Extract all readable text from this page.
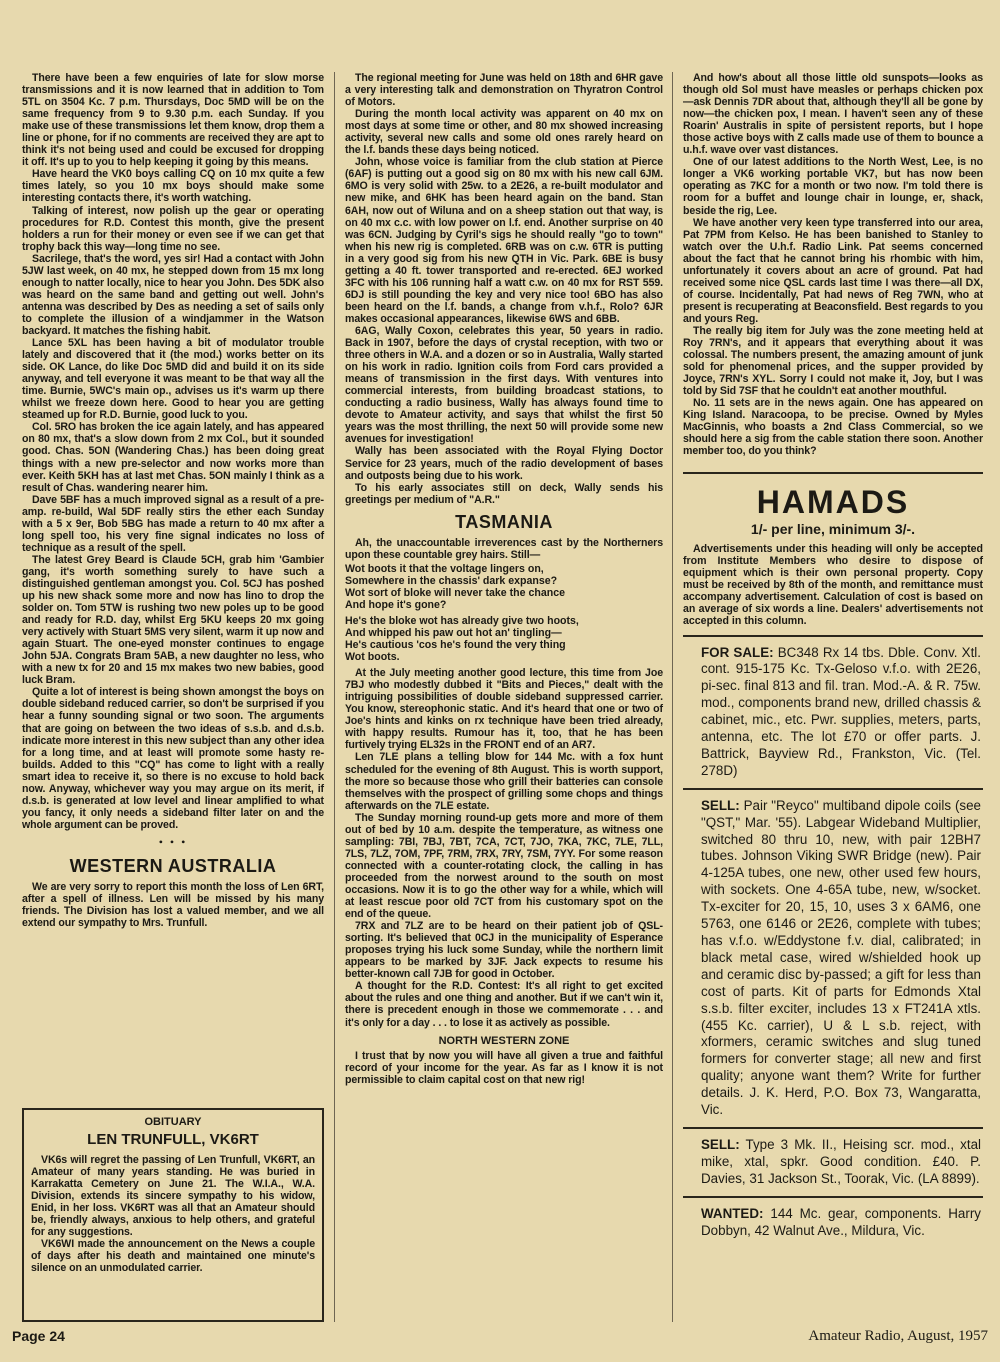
There have been a few enquiries of late for slow morse transmissions and it is now learned that in addition to Tom 5TL on 3504 Kc. 7 p.m. Thursdays, Doc 5MD will be on the same frequency from 9 to 9.30 p.m. each Sunday. If you make use of these transmissions let them know, drop them a line or phone, for if no comments are received they are apt to think it's not being used and could be excused for dropping it off. It's up to you to help keeping it going by this means.

Have heard the VK0 boys calling CQ on 10 mx quite a few times lately, so you 10 mx boys should make some interesting contacts there, it's worth watching.

Talking of interest, now polish up the gear or operating procedures for R.D. Contest this month, give the present holders a run for their money or even see if we can get that trophy back this way—long time no see.

Sacrilege, that's the word, yes sir! Had a contact with John 5JW last week, on 40 mx, he stepped down from 15 mx long enough to natter locally, nice to hear you John. Des 5DK also was heard on the same band and getting out well. John's antenna was described by Des as needing a set of sails only to complete the illusion of a windjammer in the Watson backyard. It matches the fishing habit.

Lance 5XL has been having a bit of modulator trouble lately and discovered that it (the mod.) works better on its side. OK Lance, do like Doc 5MD did and build it on its side anyway, and tell everyone it was meant to be that way all the time. Burnie, 5WC's main op., advises us it's warm up there whilst we freeze down here. Good to hear you are getting steamed up for R.D. Burnie, good luck to you.

Col. 5RO has broken the ice again lately, and has appeared on 80 mx, that's a slow down from 2 mx Col., but it sounded good. Chas. 5ON (Wandering Chas.) has been doing great things with a new pre-selector and now works more than ever. Keith 5KH has at last met Chas. 5ON mainly I think as a result of Chas. wandering nearer him.

Dave 5BF has a much improved signal as a result of a pre-amp. re-build, Wal 5DF really stirs the ether each Sunday with a 5 x 9er, Bob 5BG has made a return to 40 mx after a long spell too, his very fine signal indicates no loss of technique as a result of the spell.

The latest Grey Beard is Claude 5CH, grab him 'Gambier gang, it's worth something surely to have such a distinguished gentleman amongst you. Col. 5CJ has poshed up his new shack some more and now has lino to drop the solder on. Tom 5TW is rushing two new poles up to be good and ready for R.D. day, whilst Erg 5KU keeps 20 mx going very actively with Stuart 5MS very silent, warm it up now and again Stuart. The one-eyed monster continues to engage John 5JA. Congrats Bram 5AB, a new daughter no less, who with a new tx for 20 and 15 mx makes two new babies, good luck Bram.

Quite a lot of interest is being shown amongst the boys on double sideband reduced carrier, so don't be surprised if you hear a funny sounding signal or two soon. The arguments that are going on between the two ideas of s.s.b. and d.s.b. indicate more interest in this new subject than any other idea for a long time, and at least will promote some hasty re-builds. Added to this "CQ" has come to light with a really smart idea to receive it, so there is no excuse to hold back now. Anyway, whichever way you may argue on its merit, if d.s.b. is generated at low level and linear amplified to what you fancy, it only needs a sideband filter later on and the whole argument can be proved.

• • •
WESTERN AUSTRALIA

We are very sorry to report this month the loss of Len 6RT, after a spell of illness. Len will be missed by his many friends. The Division has lost a valued member, and we all extend our sympathy to Mrs. Trunfull.

OBITUARY
LEN TRUNFULL, VK6RT

VK6s will regret the passing of Len Trunfull, VK6RT, an Amateur of many years standing. He was buried in Karrakatta Cemetery on June 21. The W.I.A., W.A. Division, extends its sincere sympathy to his widow, Enid, in her loss. VK6RT was all that an Amateur should be, friendly always, anxious to help others, and grateful for any suggestions.

VK6WI made the announcement on the News a couple of days after his death and maintained one minute's silence on an unmodulated carrier.

The regional meeting for June was held on 18th and 6HR gave a very interesting talk and demonstration on Thyratron Control of Motors.

During the month local activity was apparent on 40 mx on most days at some time or other, and 80 mx showed increasing activity, several new calls and some old ones rarely heard on the l.f. bands these days being noticed.

John, whose voice is familiar from the club station at Pierce (6AF) is putting out a good sig on 80 mx with his new call 6JM. 6MO is very solid with 25w. to a 2E26, a re-built modulator and new mike, and 6HK has been heard again on the band. Stan 6AH, now out of Wiluna and on a sheep station out that way, is on 40 mx c.c. with low power on l.f. end. Another surprise on 40 was 6CN. Judging by Cyril's sigs he should really "go to town" when his new rig is completed. 6RB was on c.w. 6TR is putting in a very good sig from his new QTH in Vic. Park. 6BE is busy getting a 40 ft. tower transported and re-erected. 6EJ worked 3FC with his 106 running half a watt c.w. on 40 mx for RST 559. 6DJ is still pounding the key and very nice too! 6BO has also been heard on the l.f. bands, a change from v.h.f., Rolo? 6JR makes occasional appearances, likewise 6WS and 6BB.

6AG, Wally Coxon, celebrates this year, 50 years in radio. Back in 1907, before the days of crystal reception, with two or three others in W.A. and a dozen or so in Australia, Wally started on his work in radio. Ignition coils from Ford cars provided a means of transmission in the first days. With ventures into commercial interests, from building broadcast stations, to conducting a radio business, Wally has always found time to devote to Amateur activity, and says that whilst the first 50 years was the most thrilling, the next 50 will provide some new avenues for investigation!

Wally has been associated with the Royal Flying Doctor Service for 23 years, much of the radio development of bases and outposts being due to his work.

To his early associates still on deck, Wally sends his greetings per medium of "A.R."

TASMANIA

Ah, the unaccountable irreverences cast by the Northerners upon these countable grey hairs. Still—

Wot boots it that the voltage lingers on,
Somewhere in the chassis' dark expanse?
Wot sort of bloke will never take the chance
And hope it's gone?
He's the bloke wot has already give two hoots,
And whipped his paw out hot an' tingling—
He's cautious 'cos he's found the very thing
Wot boots.

At the July meeting another good lecture, this time from Joe 7BJ who modestly dubbed it "Bits and Pieces," dealt with the intriguing possibilities of double sideband suppressed carrier. You know, stereophonic static. And it's heard that one or two of Joe's hints and kinks on rx technique have been tried already, with happy results. Rumour has it, too, that he has been furtively trying EL32s in the FRONT end of an AR7.

Len 7LE plans a telling blow for 144 Mc. with a fox hunt scheduled for the evening of 8th August. This is worth support, the more so because those who grill their batteries can console themselves with the prospect of grilling some chops and things afterwards on the 7LE estate.

The Sunday morning round-up gets more and more of them out of bed by 10 a.m. despite the temperature, as witness one sampling: 7BI, 7BJ, 7BT, 7CA, 7CT, 7JO, 7KA, 7KC, 7LE, 7LL, 7LS, 7LZ, 7OM, 7PF, 7RM, 7RX, 7RY, 7SM, 7YY. For some reason connected with a counter-rotating clock, the calling in has proceeded from the norwest around to the south on most occasions. Now it is to go the other way for a while, which will at least rescue poor old 7CT from his customary spot on the end of the queue.

7RX and 7LZ are to be heard on their patient job of QSL-sorting. It's believed that 0CJ in the municipality of Esperance proposes trying his luck some Sunday, while the northern limit appears to be marked by 3JF. Jack expects to resume his better-known call 7JB for good in October.

A thought for the R.D. Contest: It's all right to get excited about the rules and one thing and another. But if we can't win it, there is precedent enough in those we commemorate . . . and it's only for a day . . . to lose it as actively as possible.

NORTH WESTERN ZONE

I trust that by now you will have all given a true and faithful record of your income for the year. As far as I know it is not permissible to claim capital cost on that new rig!

And how's about all those little old sunspots—looks as though old Sol must have measles or perhaps chicken pox—ask Dennis 7DR about that, although they'll all be gone by now—the chicken pox, I mean. I haven't seen any of these Roarin' Australis in spite of persistent reports, but I hope those active boys with Z calls made use of them to bounce a u.h.f. wave over vast distances.

One of our latest additions to the North West, Lee, is no longer a VK6 working portable VK7, but has now been operating as 7KC for a month or two now. I'm told there is room for a buffet and lounge chair in lounge, er, shack, beside the rig, Lee.

We have another very keen type transferred into our area, Pat 7PM from Kelso. He has been banished to Stanley to watch over the U.h.f. Radio Link. Pat seems concerned about the fact that he cannot bring his rhombic with him, unfortunately it covers about an acre of ground. Pat had received some nice QSL cards last time I was there—all DX, of course. Incidentally, Pat had news of Reg 7WN, who at present is recuperating at Beaconsfield. Best regards to you and yours Reg.

The really big item for July was the zone meeting held at Roy 7RN's, and it appears that everything about it was colossal. The numbers present, the amazing amount of junk sold for phenomenal prices, and the supper provided by Joyce, 7RN's XYL. Sorry I could not make it, Joy, but I was told by Sid 7SF that he couldn't eat another mouthful.

No. 11 sets are in the news again. One has appeared on King Island. Naracoopa, to be precise. Owned by Myles MacGinnis, who boasts a 2nd Class Commercial, so we should here a sig from the cable station there soon. Another member too, do you think?

HAMADS
1/- per line, minimum 3/-.

Advertisements under this heading will only be accepted from Institute Members who desire to dispose of equipment which is their own personal property. Copy must be received by 8th of the month, and remittance must accompany advertisement. Calculation of cost is based on an average of six words a line. Dealers' advertisements not accepted in this column.

FOR SALE: BC348 Rx 14 tbs. Dble. Conv. Xtl. cont. 915-175 Kc. Tx-Geloso v.f.o. with 2E26, pi-sec. final 813 and fil. tran. Mod.-A. & R. 75w. mod., components brand new, drilled chassis & cabinet, mic., etc. Pwr. supplies, meters, parts, antenna, etc. The lot £70 or offer parts. J. Battrick, Bayview Rd., Frankston, Vic. (Tel. 278D)
SELL: Pair "Reyco" multiband dipole coils (see "QST," Mar. '55). Labgear Wideband Multiplier, switched 80 thru 10, new, with pair 12BH7 tubes. Johnson Viking SWR Bridge (new). Pair 4-125A tubes, one new, other used few hours, with sockets. One 4-65A tube, new, w/socket. Tx-exciter for 20, 15, 10, uses 3 x 6AM6, one 5763, one 6146 or 2E26, complete with tubes; has v.f.o. w/Eddystone f.v. dial, calibrated; in black metal case, wired w/shielded hook up and ceramic disc by-passed; a gift for less than cost of parts. Kit of parts for Edmonds Xtal s.s.b. filter exciter, includes 13 x FT241A xtls. (455 Kc. carrier), U & L s.b. reject, with xformers, ceramic switches and slug tuned formers for converter stage; all new and first quality; anyone want them? Write for further details. J. K. Herd, P.O. Box 73, Wangaratta, Vic.
SELL: Type 3 Mk. II., Heising scr. mod., xtal mike, xtal, spkr. Good condition. £40. P. Davies, 31 Jackson St., Toorak, Vic. (LA 8899).
WANTED: 144 Mc. gear, components. Harry Dobbyn, 42 Walnut Ave., Mildura, Vic.
Page 24	Amateur Radio, August, 1957
